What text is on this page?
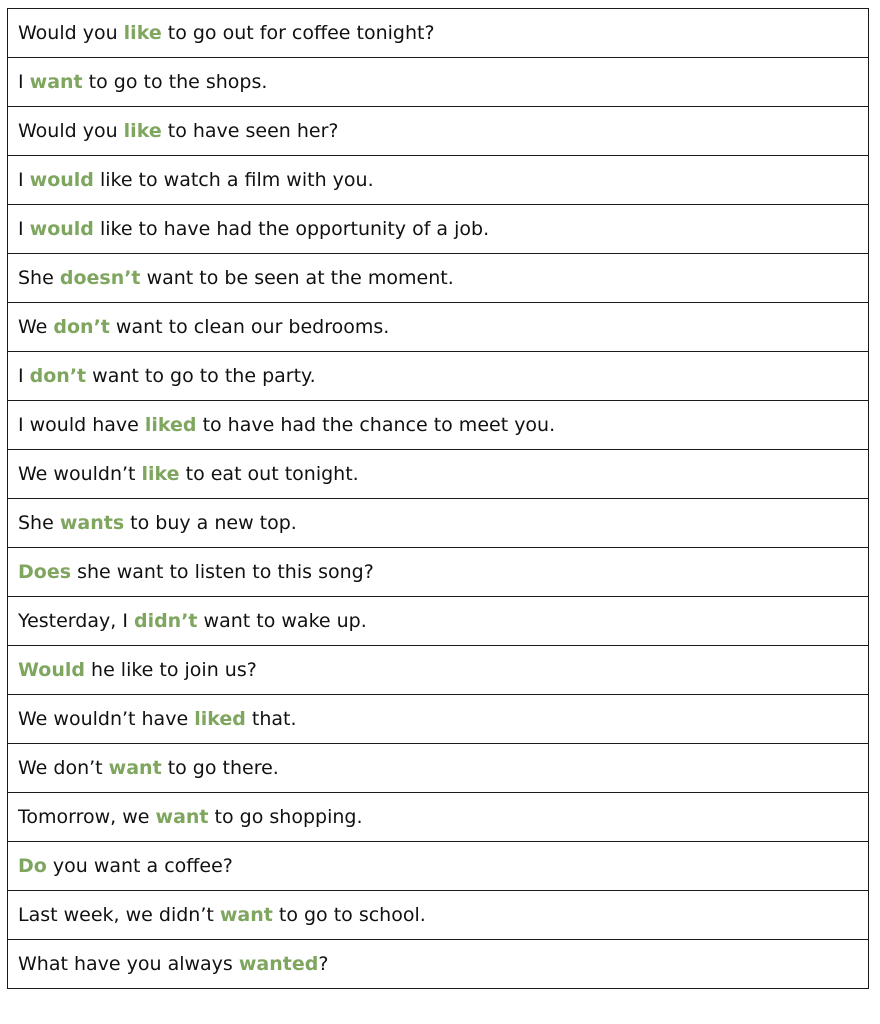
Would you like to go out for coffee tonight?
I want to go to the shops.
Would you like to have seen her?
I would like to watch a film with you.
I would like to have had the opportunity of a job.
She doesn’t want to be seen at the moment.
We don’t want to clean our bedrooms.
I don’t want to go to the party.
I would have liked to have had the chance to meet you.
We wouldn’t like to eat out tonight.
She wants to buy a new top.
Does she want to listen to this song?
Yesterday, I didn’t want to wake up.
Would he like to join us?
We wouldn’t have liked that.
We don’t want to go there.
Tomorrow, we want to go shopping.
Do you want a coffee?
Last week, we didn’t want to go to school.
What have you always wanted?
